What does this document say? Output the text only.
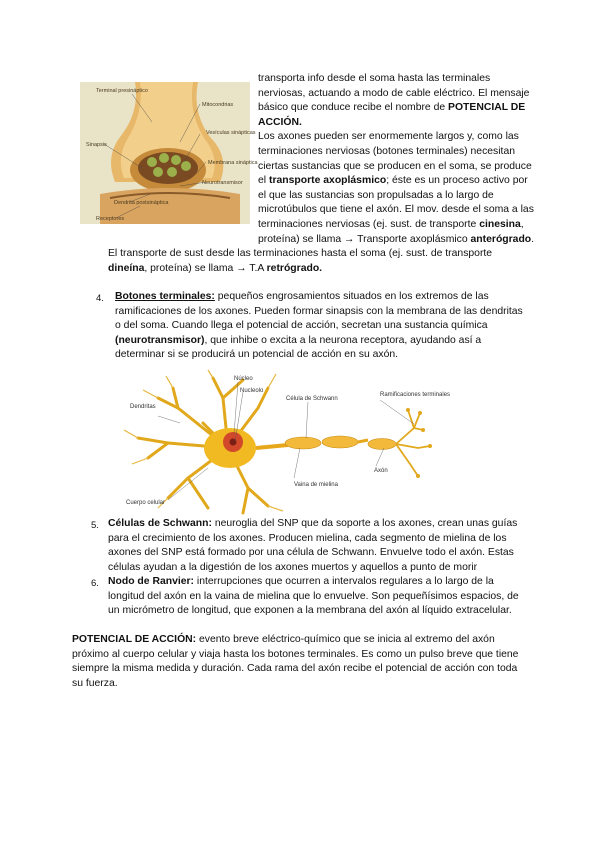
Terminal presináptico
Mitocondrias
Vesículas sinápticas
Sinapsis
Membrana sináptica
Neurotransmisor
Dendrita postsináptica
Receptores
transporta info desde el soma hasta las terminales
nerviosas, actuando a modo de cable eléctrico. El mensaje
básico que conduce recibe el nombre de POTENCIAL DE
ACCIÓN.
Los axones pueden ser enormemente largos y, como las
terminaciones nerviosas (botones terminales) necesitan
ciertas sustancias que se producen en el soma, se produce
el transporte axoplásmico; éste es un proceso activo por
el que las sustancias son propulsadas a lo largo de
microtúbulos que tiene el axón. El mov. desde el soma a las
terminaciones nerviosas (ej. sust. de transporte cinesina,
proteína) se llama → Transporte axoplásmico anterógrado.
El transporte de sust desde las terminaciones hasta el soma (ej. sust. de transporte
dineína, proteína) se llama → T.A retrógrado.
4. Botones terminales: pequeños engrosamientos situados en los extremos de las
ramificaciones de los axones. Pueden formar sinapsis con la membrana de las dendritas
o del soma. Cuando llega el potencial de acción, secretan una sustancia química
(neurotransmisor), que inhibe o excita a la neurona receptora, ayudando así a
determinar si se producirá un potencial de acción en su axón.
Núcleo
Nucleolo
Dendritas
Célula de Schwann
Ramificaciones terminales
Axón
Vaina de mielina
Cuerpo celular
5. Células de Schwann: neuroglia del SNP que da soporte a los axones, crean unas guías
para el crecimiento de los axones. Producen mielina, cada segmento de mielina de los
axones del SNP está formado por una célula de Schwann. Envuelve todo el axón. Estas
células ayudan a la digestión de los axones muertos y aquellos a punto de morir
6. Nodo de Ranvier: interrupciones que ocurren a intervalos regulares a lo largo de la
longitud del axón en la vaina de mielina que lo envuelve. Son pequeñísimos espacios, de
un micrómetro de longitud, que exponen a la membrana del axón al líquido extracelular.
POTENCIAL DE ACCIÓN: evento breve eléctrico-químico que se inicia al extremo del axón
próximo al cuerpo celular y viaja hasta los botones terminales. Es como un pulso breve que tiene
siempre la misma medida y duración. Cada rama del axón recibe el potencial de acción con toda
su fuerza.
